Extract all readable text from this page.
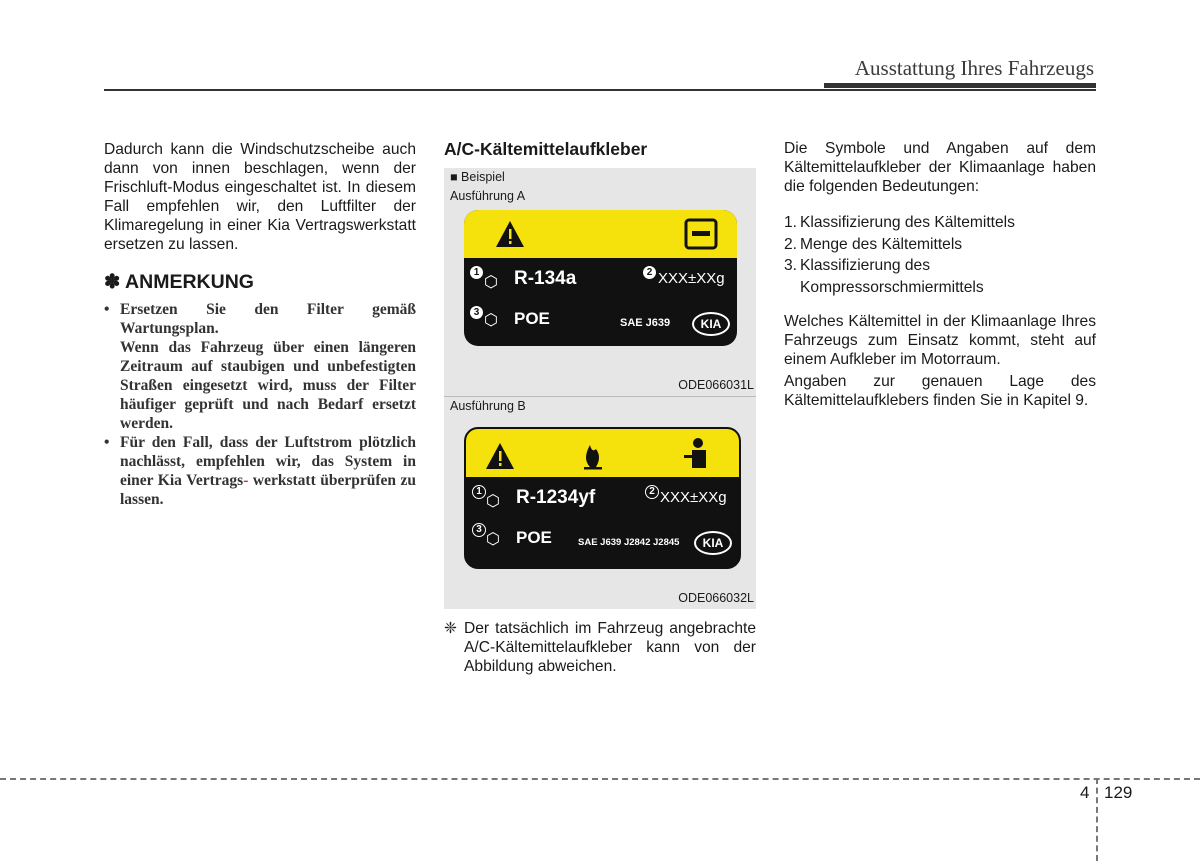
Ausstattung Ihres Fahrzeugs

Dadurch kann die Windschutzscheibe auch dann von innen beschlagen, wenn der Frischluft-Modus eingeschaltet ist. In diesem Fall empfehlen wir, den Luftfilter der Klimaregelung in einer Kia Vertragswerkstatt ersetzen zu lassen.

✽ ANMERKUNG
• Ersetzen Sie den Filter gemäß Wartungsplan.
Wenn das Fahrzeug über einen längeren Zeitraum auf staubigen und unbefestigten Straßen eingesetzt wird, muss der Filter häufiger geprüft und nach Bedarf ersetzt werden.
• Für den Fall, dass der Luftstrom plötzlich nachlässt, empfehlen wir, das System in einer Kia Vertrags- werkstatt überprüfen zu lassen.
A/C-Kältemittelaufkleber
■ Beispiel
Ausführung A
1
⬡ R-134a	2 XXX±XXg
3 ⬡ POE	SAE J639	KIA
ODE066031L
Ausführung B
1
⬡ R-1234yf	2 XXX±XXg
3
⬡ POE	SAE J639 J2842 J2845	KIA
ODE066032L
❈ Der tatsächlich im Fahrzeug angebrachte A/C-Kältemittelaufkleber kann von der Abbildung abweichen.

Die Symbole und Angaben auf dem Kältemittelaufkleber der Klimaanlage haben die folgenden Bedeutungen:

1. Klassifizierung des Kältemittels
2. Menge des Kältemittels
3. Klassifizierung des Kompressorschmiermittels

Welches Kältemittel in der Klimaanlage Ihres Fahrzeugs zum Einsatz kommt, steht auf einem Aufkleber im Motorraum.

Angaben zur genauen Lage des Kältemittelaufklebers finden Sie in Kapitel 9.

4 129
